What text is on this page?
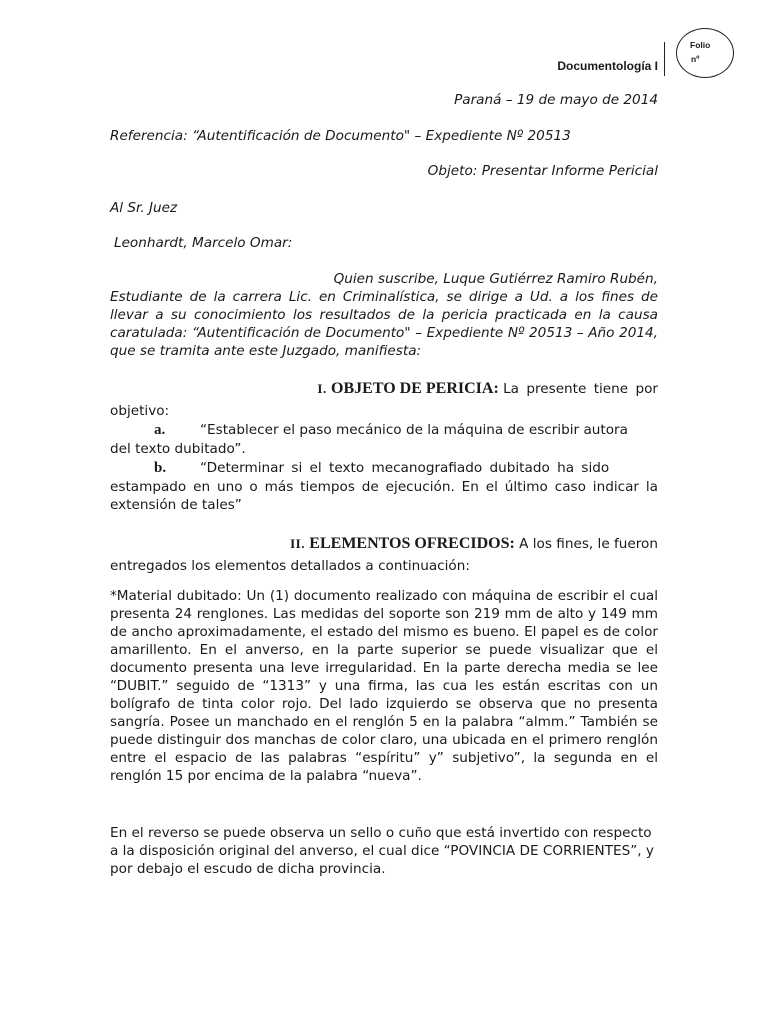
Folio
nº
Documentología I

Paraná – 19 de mayo de 2014

Referencia: “Autentificación de Documento" – Expediente Nº 20513

Objeto: Presentar Informe Pericial

Al Sr. Juez

Leonhardt, Marcelo Omar:

Quien suscribe, Luque Gutiérrez Ramiro Rubén,

Estudiante de la carrera Lic. en Criminalística, se dirige a Ud. a los fines de llevar a su conocimiento los resultados de la pericia practicada en la causa caratulada: “Autentificación de Documento" – Expediente Nº 20513 – Año 2014, que se tramita ante este Juzgado, manifiesta:

I. OBJETO DE PERICIA: La presente tiene por

objetivo:

a.	“Establecer el paso mecánico de la máquina de escribir autora

del texto dubitado”.

b. “Determinar si el texto mecanografiado dubitado ha sido

estampado en uno o más tiempos de ejecución. En el último caso indicar la extensión de tales”

II. ELEMENTOS OFRECIDOS: A los fines, le fueron

entregados los elementos detallados a continuación:

*Material dubitado: Un (1) documento realizado con máquina de escribir el cual presenta 24 renglones. Las medidas del soporte son 219 mm de alto y 149 mm de ancho aproximadamente, el estado del mismo es bueno. El papel es de color amarillento. En el anverso, en la parte superior se puede visualizar que el documento presenta una leve irregularidad. En la parte derecha media se lee “DUBIT.” seguido de “1313” y una firma, las cua les están escritas con un bolígrafo de tinta color rojo. Del lado izquierdo se observa que no presenta sangría. Posee un manchado en el renglón 5 en la palabra “almm.” También se puede distinguir dos manchas de color claro, una ubicada en el primero renglón entre el espacio de las palabras “espíritu” y” subjetivo”, la segunda en el renglón 15 por encima de la palabra “nueva”.

En el reverso se puede observa un sello o cuño que está invertido con respecto a la disposición original del anverso, el cual dice “POVINCIA DE CORRIENTES”, y por debajo el escudo de dicha provincia.
